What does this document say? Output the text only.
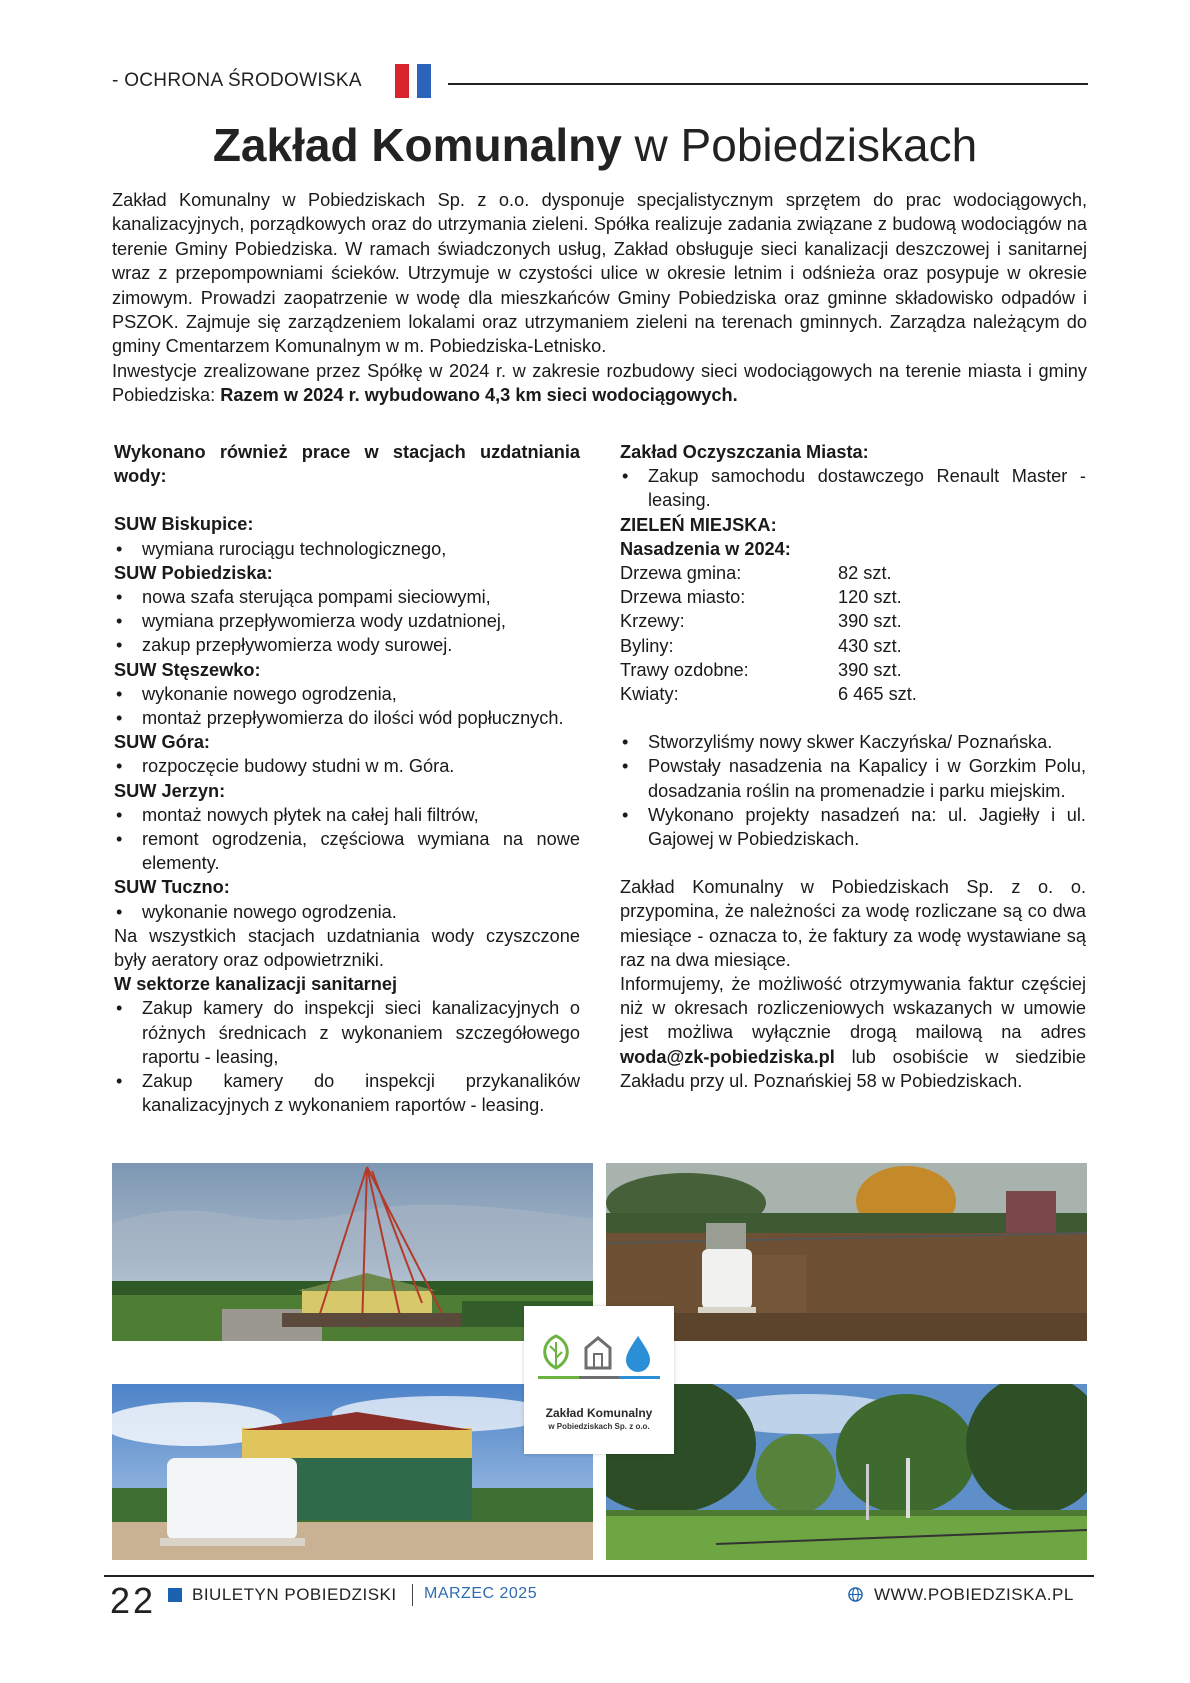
- OCHRONA ŚRODOWISKA
Zakład Komunalny w Pobiedziskach

Zakład Komunalny w Pobiedziskach Sp. z o.o. dysponuje specjalistycznym sprzętem do prac wodociągowych, kanalizacyjnych, porządkowych oraz do utrzymania zieleni. Spółka realizuje zadania związane z budową wodociągów na terenie Gminy Pobiedziska. W ramach świadczonych usług, Zakład obsługuje sieci kanalizacji deszczowej i sanitarnej wraz z przepompowniami ścieków. Utrzymuje w czystości ulice w okresie letnim i odśnieża oraz posypuje w okresie zimowym. Prowadzi zaopatrzenie w wodę dla mieszkańców Gminy Pobiedziska oraz gminne składowisko odpadów i PSZOK. Zajmuje się zarządzeniem lokalami oraz utrzymaniem zieleni na terenach gminnych. Zarządza należącym do gminy Cmentarzem Komunalnym w m. Pobiedziska-Letnisko.

Inwestycje zrealizowane przez Spółkę w 2024 r. w zakresie rozbudowy sieci wodociągowych na terenie miasta i gminy Pobiedziska: Razem w 2024 r. wybudowano 4,3 km sieci wodociągowych.

Wykonano również prace w stacjach uzdatniania wody:

SUW Biskupice:

• wymiana rurociągu technologicznego,

SUW Pobiedziska:

• nowa szafa sterująca pompami sieciowymi,
• wymiana przepływomierza wody uzdatnionej,
• zakup przepływomierza wody surowej.

SUW Stęszewko:

• wykonanie nowego ogrodzenia,
• montaż przepływomierza do ilości wód popłucznych.

SUW Góra:

• rozpoczęcie budowy studni w m. Góra.

SUW Jerzyn:

• montaż nowych płytek na całej hali filtrów,
• remont ogrodzenia, częściowa wymiana na nowe elementy.

SUW Tuczno:

• wykonanie nowego ogrodzenia.

Na wszystkich stacjach uzdatniania wody czyszczone były aeratory oraz odpowietrzniki.

W sektorze kanalizacji sanitarnej

• Zakup kamery do inspekcji sieci kanalizacyjnych o różnych średnicach z wykonaniem szczegółowego raportu - leasing,
• Zakup kamery do inspekcji przykanalików kanalizacyjnych z wykonaniem raportów - leasing.

Zakład Oczyszczania Miasta:

• Zakup samochodu dostawczego Renault Master - leasing.

ZIELEŃ MIEJSKA:

Nasadzenia w 2024:

Drzewa gmina:	82 szt.
Drzewa miasto:	120 szt.
Krzewy:	390 szt.
Byliny:	430 szt.
Trawy ozdobne:	390 szt.
Kwiaty:	6 465 szt.
• Stworzyliśmy nowy skwer Kaczyńska/ Poznańska.
• Powstały nasadzenia na Kapalicy i w Gorzkim Polu, dosadzania roślin na promenadzie i parku miejskim.
• Wykonano projekty nasadzeń na: ul. Jagiełły i ul. Gajowej w Pobiedziskach.

Zakład Komunalny w Pobiedziskach Sp. z o. o. przypomina, że należności za wodę rozliczane są co dwa miesiące - oznacza to, że faktury za wodę wystawiane są raz na dwa miesiące.

Informujemy, że możliwość otrzymywania faktur częściej niż w okresach rozliczeniowych wskazanych w umowie jest możliwa wyłącznie drogą mailową na adres woda@zk-pobiedziska.pl lub osobiście w siedzibie Zakładu przy ul. Poznańskiej 58 w Pobiedziskach.

Zakład Komunalny
w Pobiedziskach Sp. z o.o.
22 BIULETYN POBIEDZISKI MARZEC 2025	WWW.POBIEDZISKA.PL
